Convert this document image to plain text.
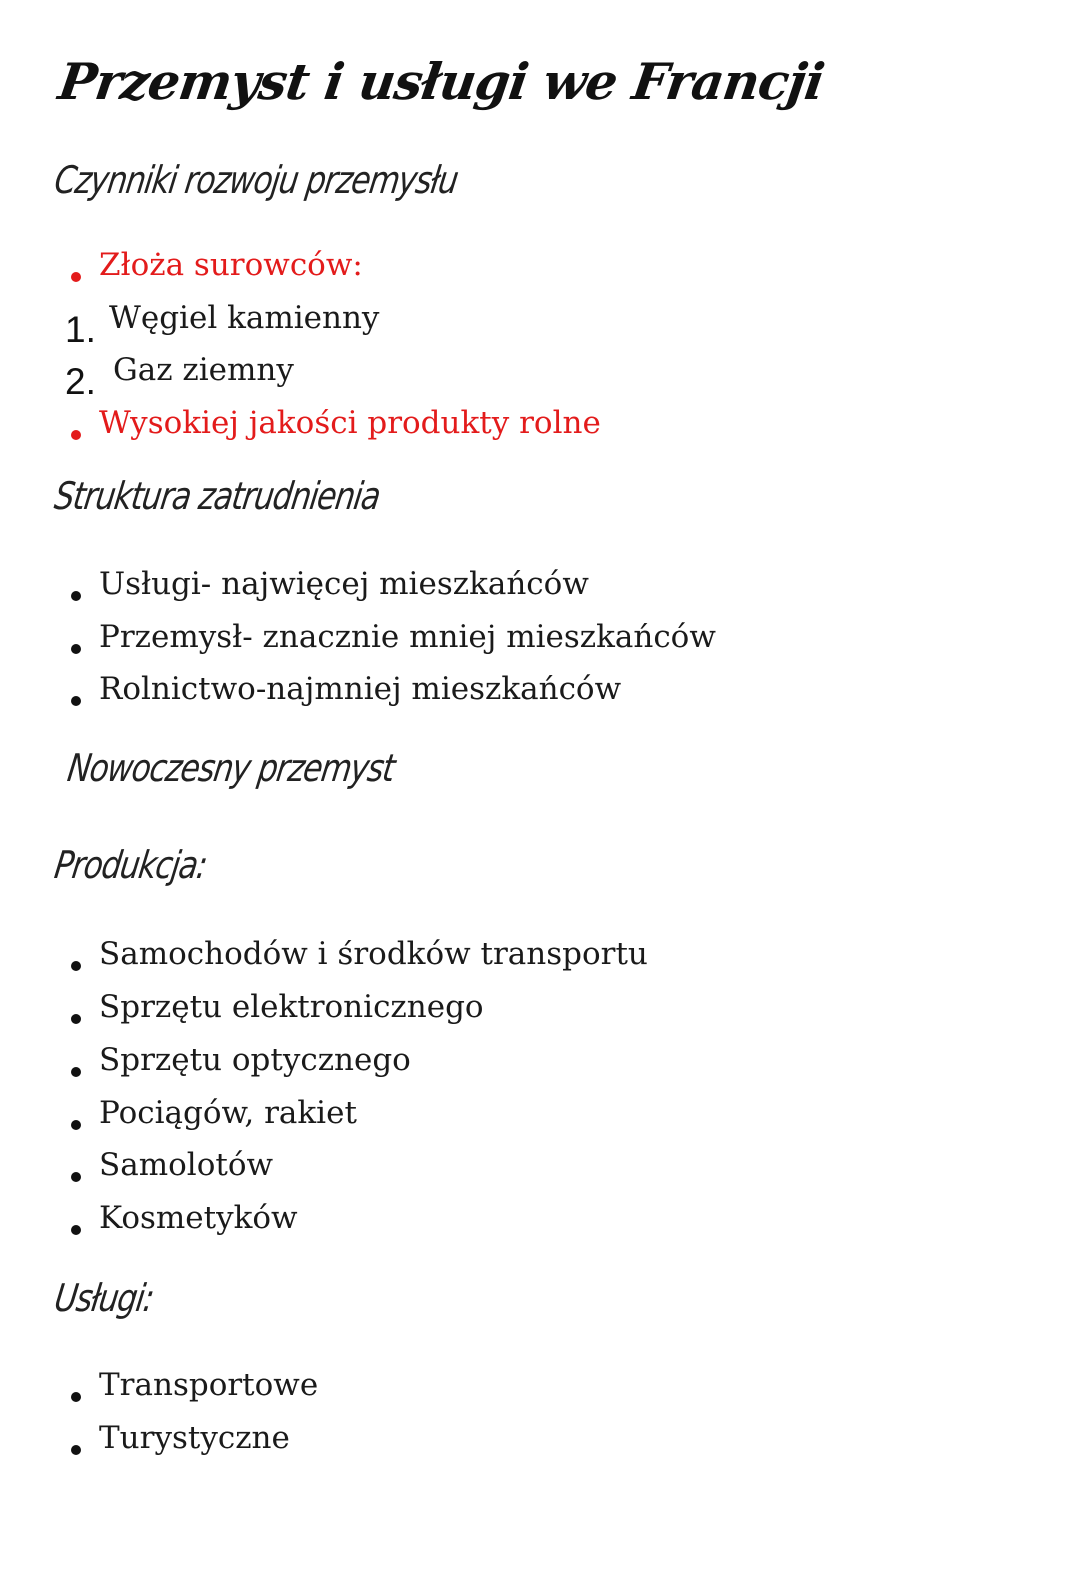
Przemyst i usługi we Francji
Czynniki rozwoju przemysłu
Złoża surowców:
1. Węgiel kamienny
2. Gaz ziemny
Wysokiej jakości produkty rolne
Struktura zatrudnienia
Usługi- najwięcej mieszkańców
Przemysł- znacznie mniej mieszkańców
Rolnictwo-najmniej mieszkańców
Nowoczesny przemyst
Produkcja:
Samochodów i środków transportu
Sprzętu elektronicznego
Sprzętu optycznego
Pociągów, rakiet
Samolotów
Kosmetyków
Usługi:
Transportowe
Turystyczne
